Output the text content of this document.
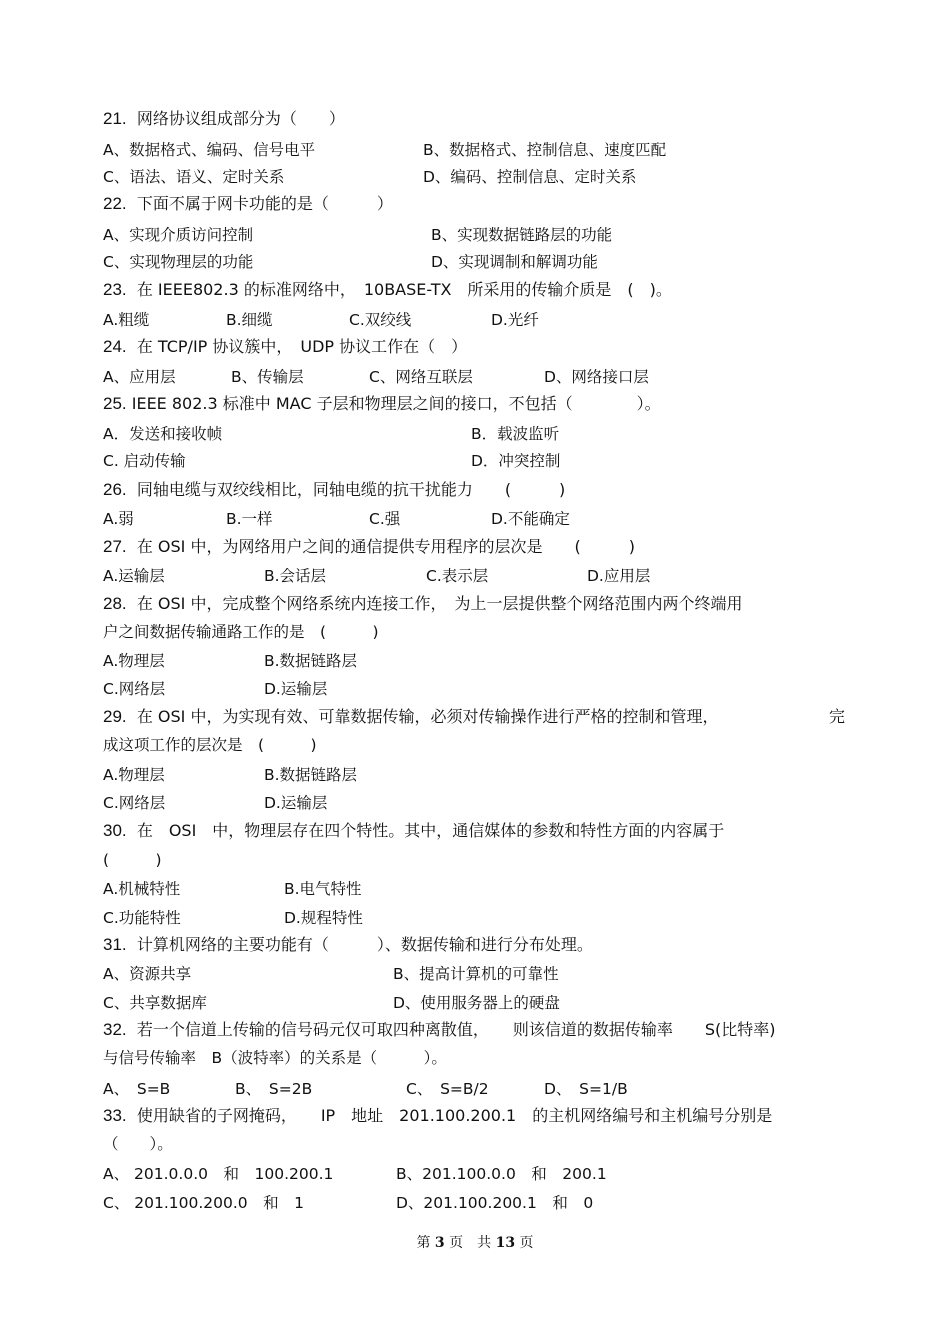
21. 网络协议组成部分为（　　）
A、数据格式、编码、信号电平	B、数据格式、控制信息、速度匹配
C、语法、语义、定时关系	D、编码、控制信息、定时关系
22. 下面不属于网卡功能的是（　　　）
A、实现介质访问控制	B、实现数据链路层的功能
C、实现物理层的功能	D、实现调制和解调功能
23. 在 IEEE802.3 的标准网络中，　10BASE-TX　所采用的传输介质是　(　)。
A.粗缆	B.细缆	C.双绞线	D.光纤
24. 在 TCP/IP 协议簇中，　UDP 协议工作在（　）
A、应用层	B、传输层	C、网络互联层	D、网络接口层
25. IEEE 802.3 标准中 MAC 子层和物理层之间的接口，不包括（　　　　）。
A．发送和接收帧	B．载波监听
C. 启动传输	D．冲突控制
26. 同轴电缆与双绞线相比，同轴电缆的抗干扰能力　　(　　　)
A.弱	B.一样	C.强	D.不能确定
27. 在 OSI 中，为网络用户之间的通信提供专用程序的层次是　　(　　　)
A.运输层	B.会话层	C.表示层	D.应用层
28. 在 OSI 中，完成整个网络系统内连接工作，　为上一层提供整个网络范围内两个终端用
户之间数据传输通路工作的是　(　　　)
A.物理层	B.数据链路层
C.网络层	D.运输层
29. 在 OSI 中，为实现有效、可靠数据传输，必须对传输操作进行严格的控制和管理，	完
成这项工作的层次是　(　　　)
A.物理层	B.数据链路层
C.网络层	D.运输层
30. 在　OSI　中，物理层存在四个特性。其中，通信媒体的参数和特性方面的内容属于
(　　　)
A.机械特性	B.电气特性
C.功能特性	D.规程特性
31. 计算机网络的主要功能有（　　　）、数据传输和进行分布处理。
A、资源共享	B、提高计算机的可靠性
C、共享数据库	D、使用服务器上的硬盘
32. 若一个信道上传输的信号码元仅可取四种离散值，　　则该信道的数据传输率　　S(比特率)
与信号传输率　B（波特率）的关系是（　　　）。
A、　S=B	B、　S=2B	C、　S=B/2	D、　S=1/B
33. 使用缺省的子网掩码，　　IP　地址　201.100.200.1　的主机网络编号和主机编号分别是
（　　）。
A、 201.0.0.0　和　100.200.1	B、201.100.0.0　和　200.1
C、 201.100.200.0　和　1	D、201.100.200.1　和　0
第 3 页　共 13 页
